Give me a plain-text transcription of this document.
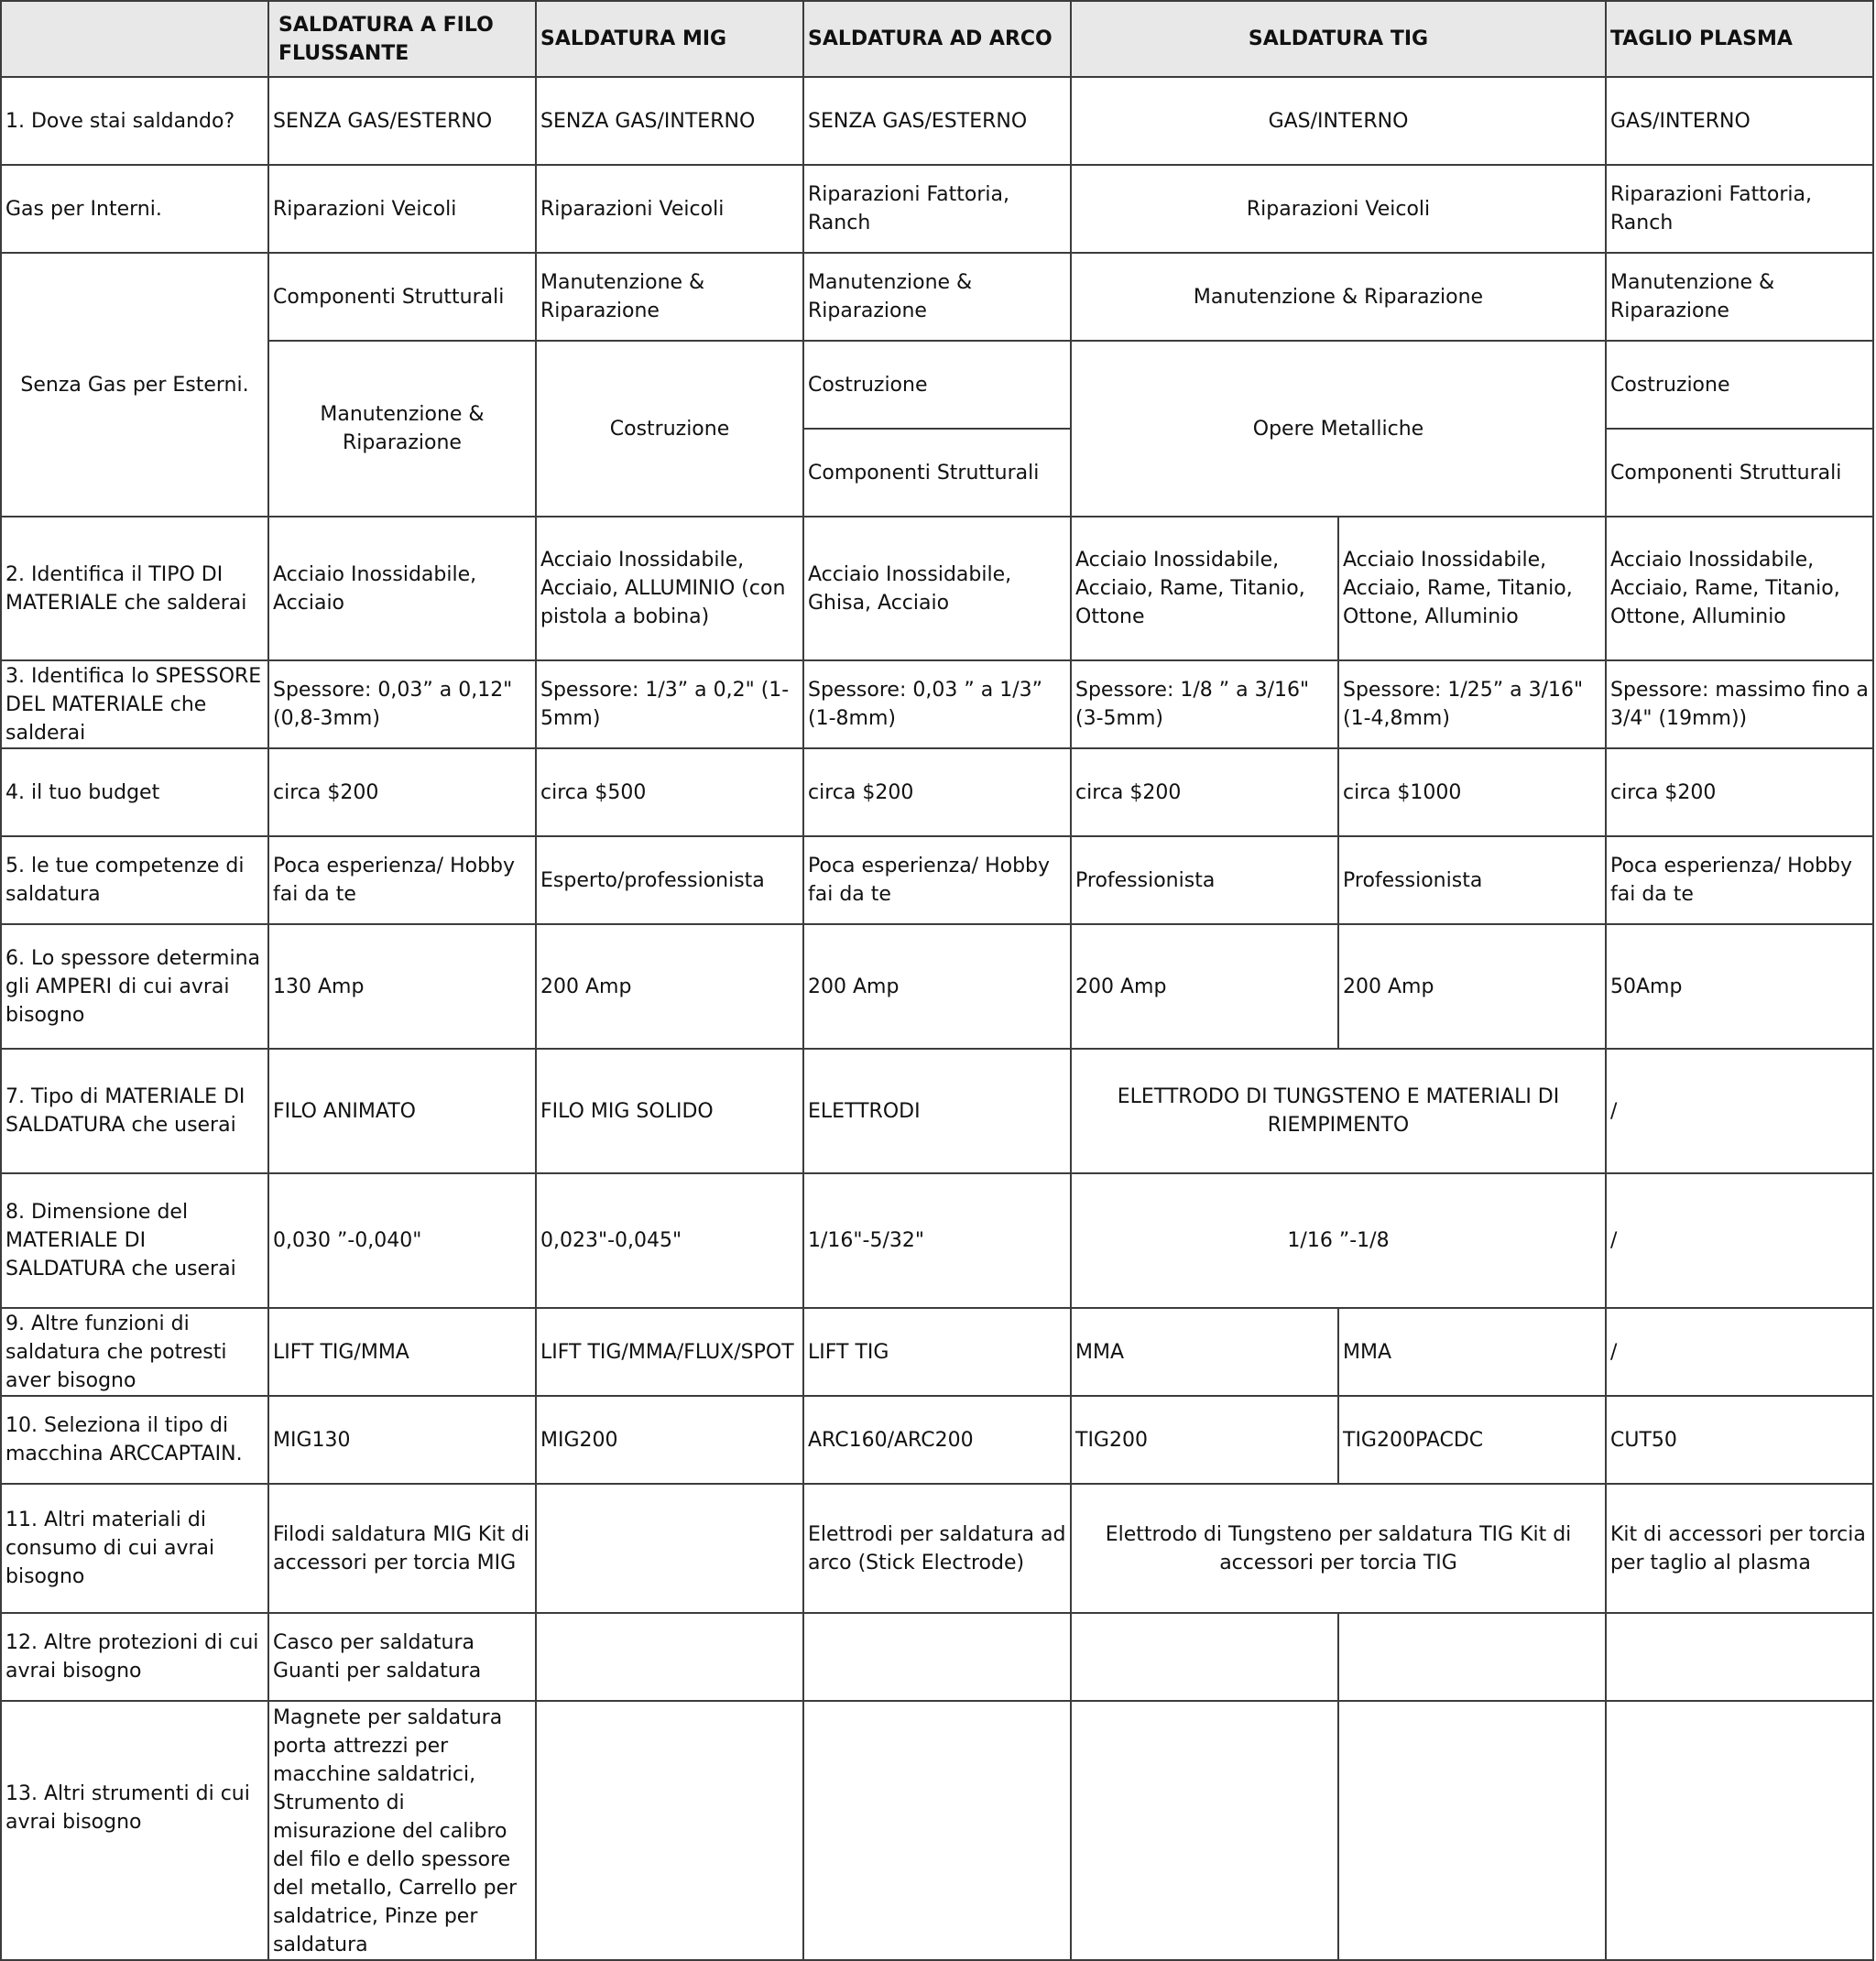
	SALDATURA A FILO FLUSSANTE	SALDATURA MIG	SALDATURA AD ARCO	SALDATURA TIG		TAGLIO PLASMA
1. Dove stai saldando?	SENZA GAS/ESTERNO	SENZA GAS/INTERNO	SENZA GAS/ESTERNO	GAS/INTERNO		GAS/INTERNO
Gas per Interni.	Riparazioni Veicoli	Riparazioni Veicoli	Riparazioni Fattoria, Ranch	Riparazioni Veicoli		Riparazioni Fattoria, Ranch
Senza Gas per Esterni.	Componenti Strutturali	Manutenzione & Riparazione	Manutenzione & Riparazione	Manutenzione & Riparazione		Manutenzione & Riparazione
	Manutenzione & Riparazione	Costruzione	Costruzione	Opere Metalliche		Costruzione
			Componenti Strutturali			Componenti Strutturali
2. Identifica il TIPO DI MATERIALE che salderai	Acciaio Inossidabile, Acciaio	Acciaio Inossidabile, Acciaio, ALLUMINIO (con pistola a bobina)	Acciaio Inossidabile, Ghisa, Acciaio	Acciaio Inossidabile, Acciaio, Rame, Titanio, Ottone	Acciaio Inossidabile, Acciaio, Rame, Titanio, Ottone, Alluminio	Acciaio Inossidabile, Acciaio, Rame, Titanio, Ottone, Alluminio
3. Identifica lo SPESSORE DEL MATERIALE che salderai	Spessore: 0,03” a 0,12" (0,8-3mm)	Spessore: 1/3” a 0,2" (1-5mm)	Spessore: 0,03 ” a 1/3” (1-8mm)	Spessore: 1/8 ” a 3/16" (3-5mm)	Spessore: 1/25” a 3/16" (1-4,8mm)	Spessore: massimo fino a 3/4" (19mm))
4. il tuo budget	circa $200	circa $500	circa $200	circa $200	circa $1000	circa $200
5. le tue competenze di saldatura	Poca esperienza/ Hobby fai da te	Esperto/professionista	Poca esperienza/ Hobby fai da te	Professionista	Professionista	Poca esperienza/ Hobby fai da te
6. Lo spessore determina gli AMPERI di cui avrai bisogno	130 Amp	200 Amp	200 Amp	200 Amp	200 Amp	50Amp
7. Tipo di MATERIALE DI SALDATURA che userai	FILO ANIMATO	FILO MIG SOLIDO	ELETTRODI	ELETTRODO DI TUNGSTENO E MATERIALI DI RIEMPIMENTO		/
8. Dimensione del MATERIALE DI SALDATURA che userai	0,030 ”-0,040"	0,023"-0,045"	1/16"-5/32"	1/16 ”-1/8		/
9. Altre funzioni di saldatura che potresti aver bisogno	LIFT TIG/MMA	LIFT TIG/MMA/FLUX/SPOT	LIFT TIG	MMA	MMA	/
10. Seleziona il tipo di macchina ARCCAPTAIN.	MIG130	MIG200	ARC160/ARC200	TIG200	TIG200PACDC	CUT50
11. Altri materiali di consumo di cui avrai bisogno	Filodi saldatura MIG Kit di accessori per torcia MIG		Elettrodi per saldatura ad arco (Stick Electrode)	Elettrodo di Tungsteno per saldatura TIG Kit di accessori per torcia TIG		Kit di accessori per torcia per taglio al plasma
12. Altre protezioni di cui avrai bisogno	Casco per saldatura Guanti per saldatura					

13. Altri strumenti di cui avrai bisogno	Magnete per saldatura porta attrezzi per macchine saldatrici, Strumento di misurazione del calibro del filo e dello spessore del metallo, Carrello per saldatrice, Pinze per saldatura					
